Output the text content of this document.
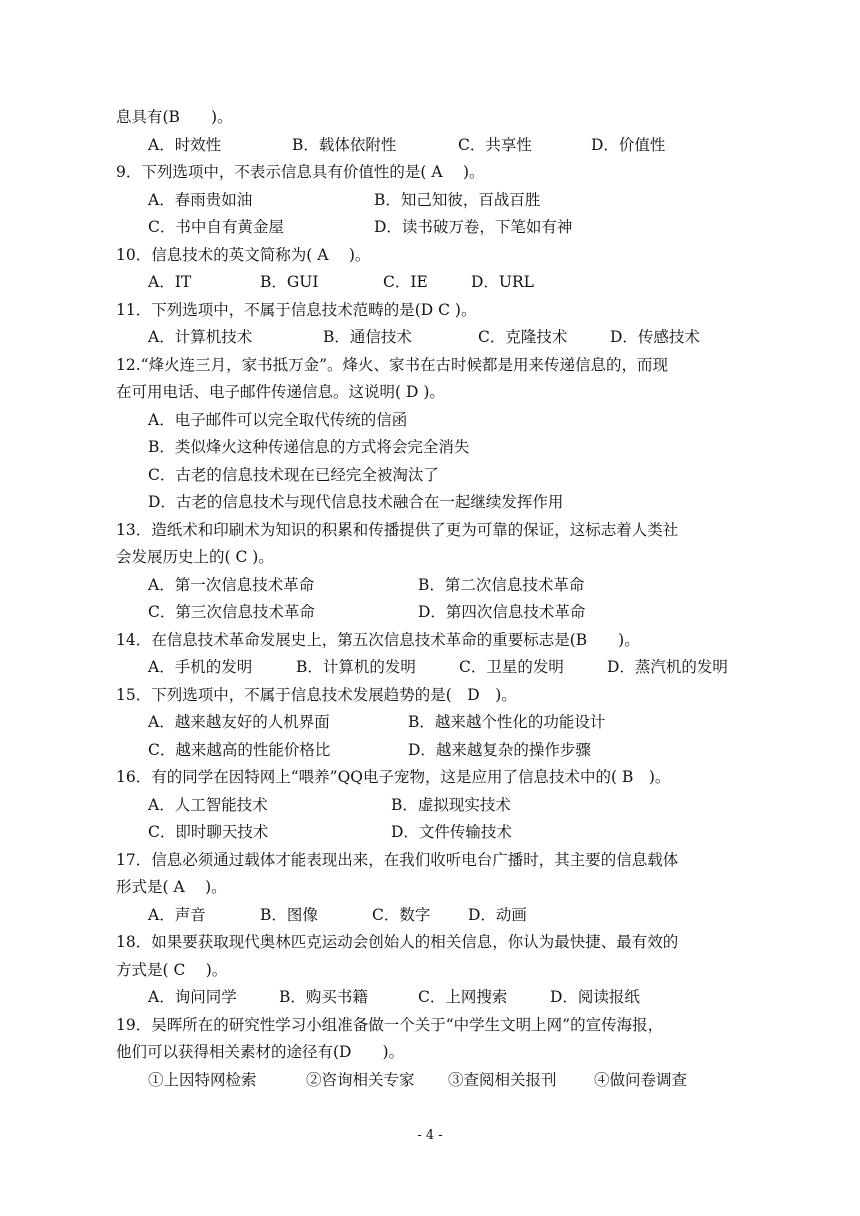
息具有(B　　)。
A．时效性	B．载体依附性	C．共享性	D．价值性
9．下列选项中，不表示信息具有价值性的是( A　 )。
A．春雨贵如油	B．知己知彼，百战百胜
C．书中自有黄金屋	D．读书破万卷，下笔如有神
10．信息技术的英文简称为( A　 )。
A．IT	B．GUI	C．IE	D．URL
11．下列选项中，不属于信息技术范畴的是(D C )。
A．计算机技术	B．通信技术	C．克隆技术	D．传感技术
12.“烽火连三月，家书抵万金”。烽火、家书在古时候都是用来传递信息的，而现
在可用电话、电子邮件传递信息。这说明( D )。
A．电子邮件可以完全取代传统的信函
B．类似烽火这种传递信息的方式将会完全消失
C．古老的信息技术现在已经完全被淘汰了
D．古老的信息技术与现代信息技术融合在一起继续发挥作用
13．造纸术和印刷术为知识的积累和传播提供了更为可靠的保证，这标志着人类社
会发展历史上的( C )。
A．第一次信息技术革命	B．第二次信息技术革命
C．第三次信息技术革命	D．第四次信息技术革命
14．在信息技术革命发展史上，第五次信息技术革命的重要标志是(B　　)。
A．手机的发明	B．计算机的发明	C．卫星的发明	D．蒸汽机的发明
15．下列选项中，不属于信息技术发展趋势的是(　D　)。
A．越来越友好的人机界面	B．越来越个性化的功能设计
C．越来越高的性能价格比	D．越来越复杂的操作步骤
16．有的同学在因特网上“喂养”QQ电子宠物，这是应用了信息技术中的( B　)。
A．人工智能技术	B．虚拟现实技术
C．即时聊天技术	D．文件传输技术
17．信息必须通过载体才能表现出来，在我们收听电台广播时，其主要的信息载体
形式是( A　 )。
A．声音	B．图像	C．数字	D．动画
18．如果要获取现代奥林匹克运动会创始人的相关信息，你认为最快捷、最有效的
方式是( C　 )。
A．询问同学	B．购买书籍	C．上网搜索	D．阅读报纸
19．吴晖所在的研究性学习小组准备做一个关于“中学生文明上网”的宣传海报，
他们可以获得相关素材的途径有(D　　)。
①上因特网检索	②咨询相关专家	③查阅相关报刊	④做问卷调查
- 4 -
